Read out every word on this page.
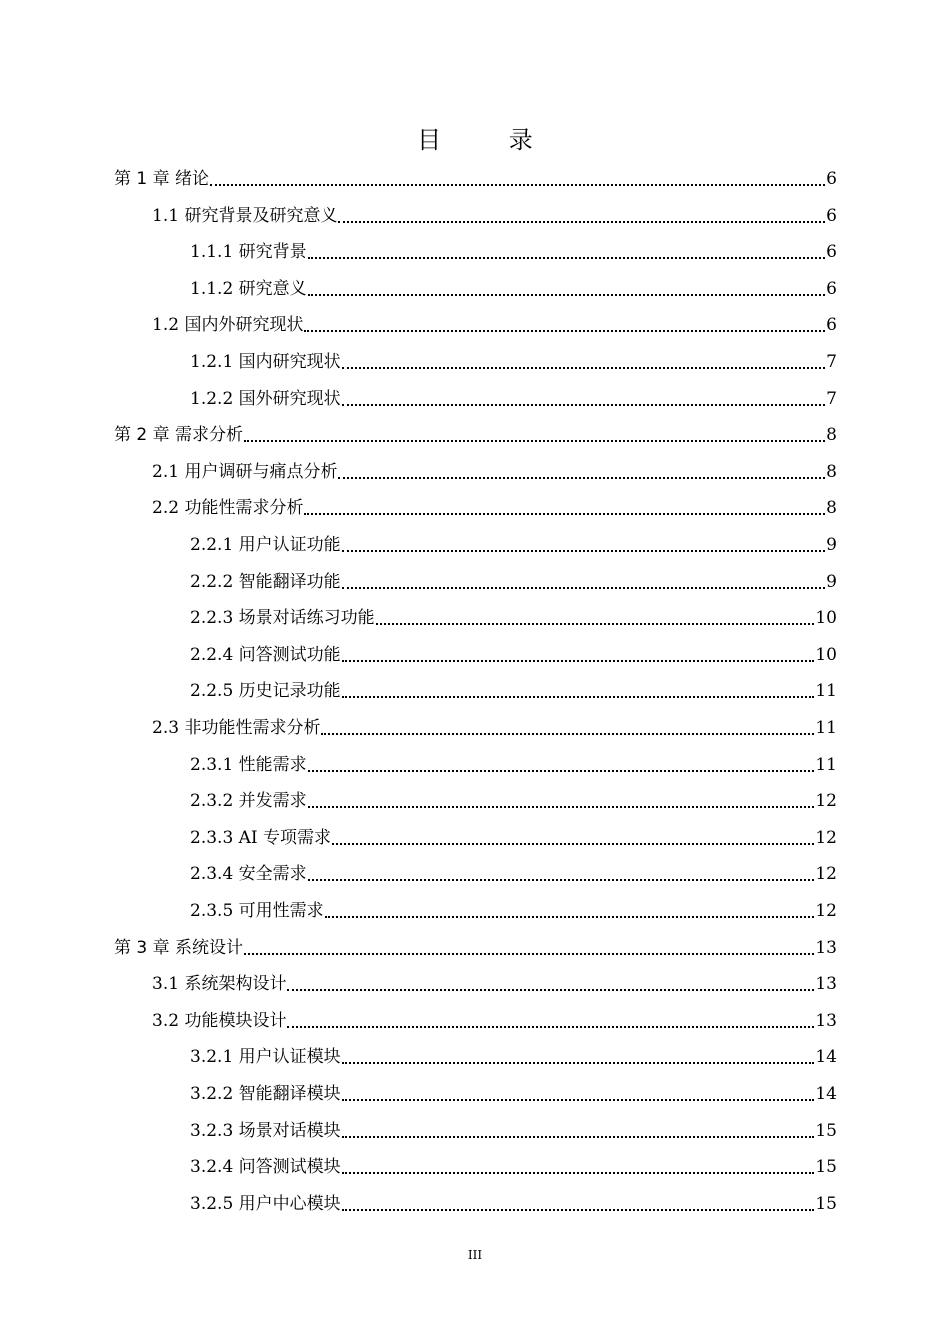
目 录
第 1 章 绪论	6
1.1 研究背景及研究意义	6
1.1.1 研究背景	6
1.1.2 研究意义	6
1.2 国内外研究现状	6
1.2.1 国内研究现状	7
1.2.2 国外研究现状	7
第 2 章 需求分析	8
2.1 用户调研与痛点分析	8
2.2 功能性需求分析	8
2.2.1 用户认证功能	9
2.2.2 智能翻译功能	9
2.2.3 场景对话练习功能	10
2.2.4 问答测试功能	10
2.2.5 历史记录功能	11
2.3 非功能性需求分析	11
2.3.1 性能需求	11
2.3.2 并发需求	12
2.3.3 AI 专项需求	12
2.3.4 安全需求	12
2.3.5 可用性需求	12
第 3 章 系统设计	13
3.1 系统架构设计	13
3.2 功能模块设计	13
3.2.1 用户认证模块	14
3.2.2 智能翻译模块	14
3.2.3 场景对话模块	15
3.2.4 问答测试模块	15
3.2.5 用户中心模块	15
III
